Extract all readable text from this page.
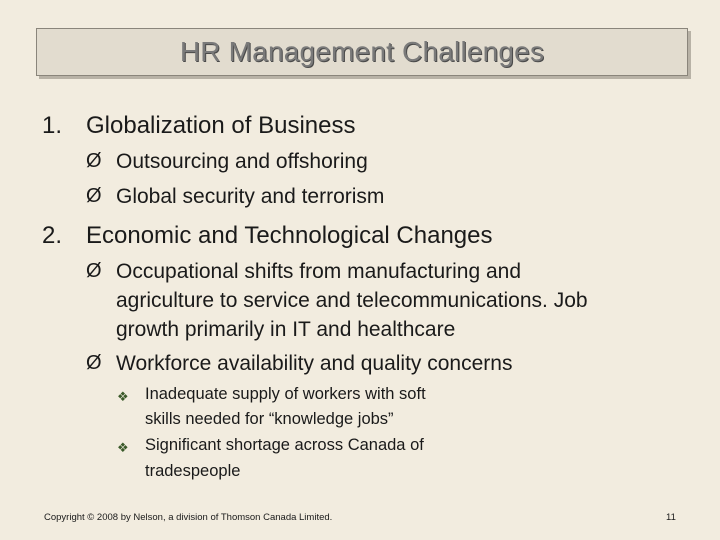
HR Management Challenges
1. Globalization of Business
Ø Outsourcing and offshoring
Ø Global security and terrorism
2. Economic and Technological Changes
Ø Occupational shifts from manufacturing and
agriculture to service and telecommunications. Job
growth primarily in IT and healthcare
Ø Workforce availability and quality concerns
❖ Inadequate supply of workers with soft
skills needed for “knowledge jobs”
❖ Significant shortage across Canada of
tradespeople
Copyright © 2008 by Nelson, a division of Thomson Canada Limited.	11
